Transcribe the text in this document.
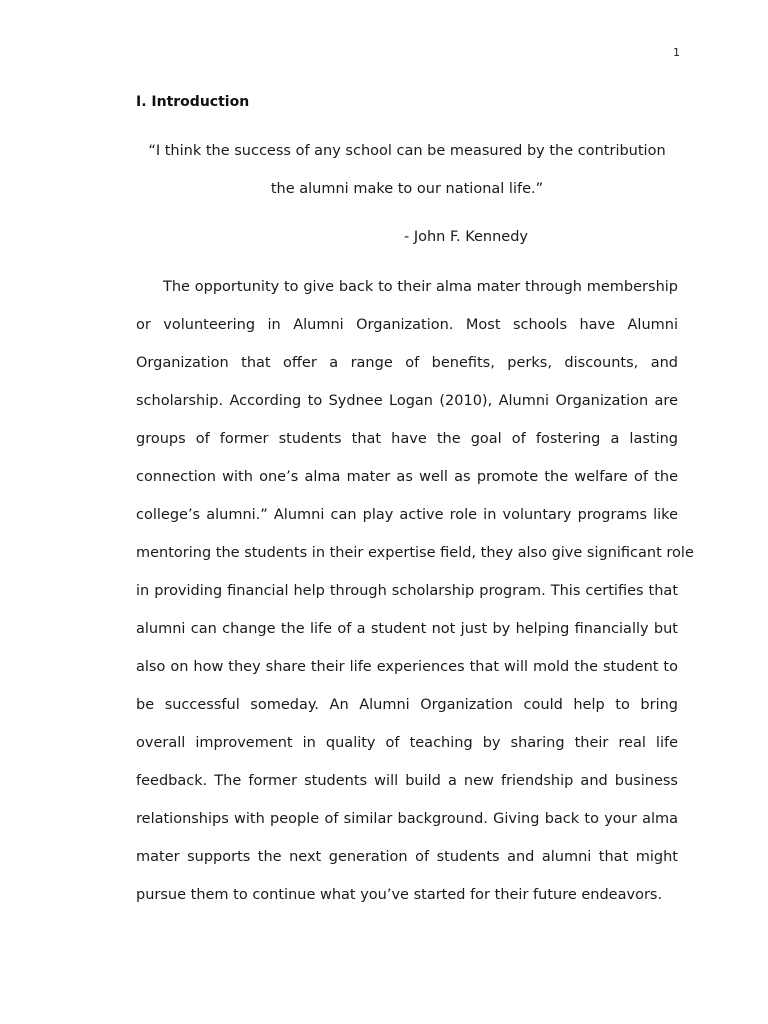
1
I. Introduction
“I think the success of any school can be measured by the contribution
the alumni make to our national life.”
- John F. Kennedy
The opportunity to give back to their alma mater through membership
or volunteering in Alumni Organization. Most schools have Alumni
Organization that offer a range of benefits, perks, discounts, and
scholarship. According to Sydnee Logan (2010), Alumni Organization are
groups of former students that have the goal of fostering a lasting
connection with one’s alma mater as well as promote the welfare of the
college’s alumni.” Alumni can play active role in voluntary programs like
mentoring the students in their expertise field, they also give significant role
in providing financial help through scholarship program. This certifies that
alumni can change the life of a student not just by helping financially but
also on how they share their life experiences that will mold the student to
be successful someday. An Alumni Organization could help to bring
overall improvement in quality of teaching by sharing their real life
feedback. The former students will build a new friendship and business
relationships with people of similar background. Giving back to your alma
mater supports the next generation of students and alumni that might
pursue them to continue what you’ve started for their future endeavors.
